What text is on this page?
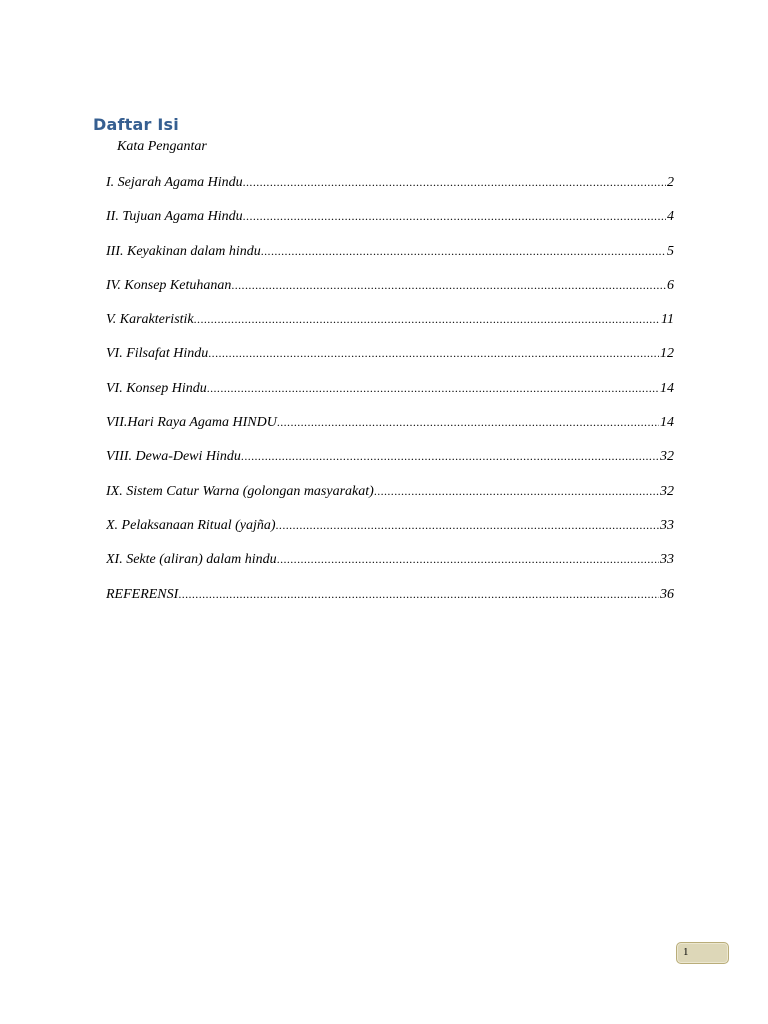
Daftar Isi
Kata Pengantar
I. Sejarah Agama Hindu .....	2
II. Tujuan Agama Hindu .....	4
III. Keyakinan dalam hindu .....	5
IV. Konsep Ketuhanan .....	6
V. Karakteristik .....	11
VI. Filsafat Hindu .....	12
VI. Konsep Hindu .....	14
VII.Hari Raya Agama HINDU .....	14
VIII. Dewa-Dewi Hindu .....	32
IX. Sistem Catur Warna (golongan masyarakat) .....	32
X. Pelaksanaan Ritual (yajña) .....	33
XI. Sekte (aliran) dalam hindu .....	33
REFERENSI .....	36
1
